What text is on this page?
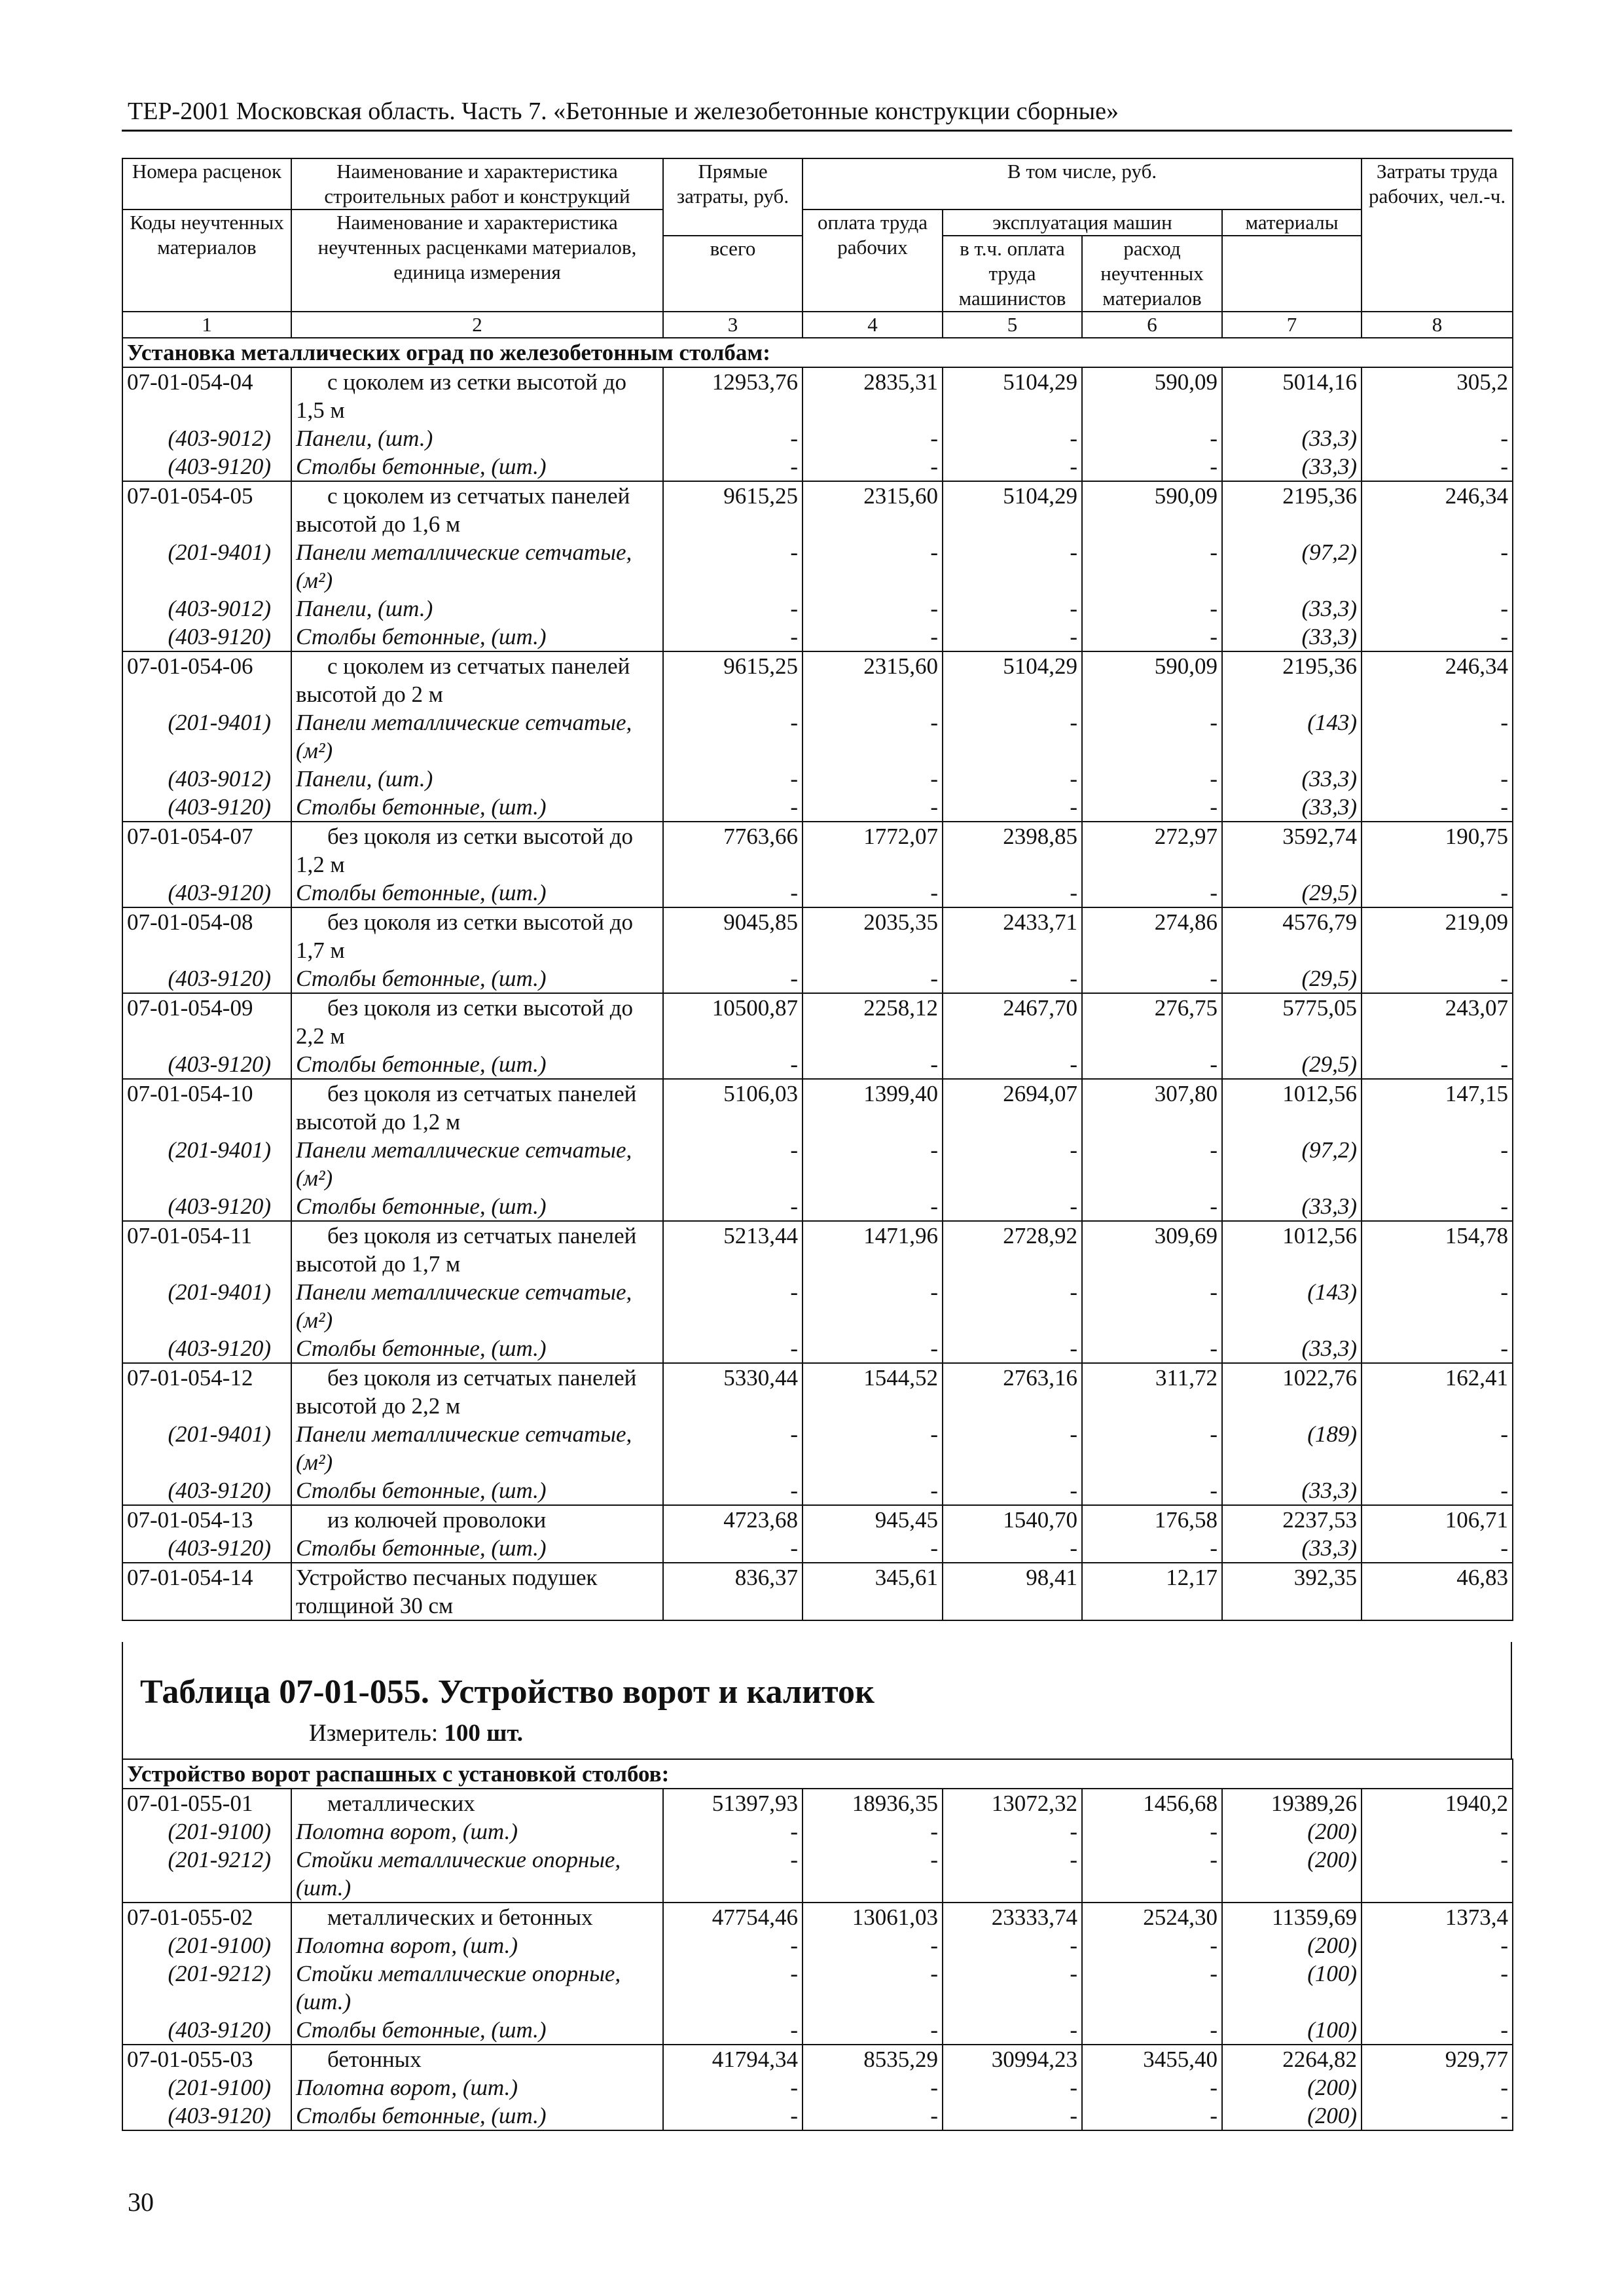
ТЕР-2001 Московская область. Часть 7. «Бетонные и железобетонные конструкции сборные»
Номера расценок	Наименование и характеристика строительных работ и конструкций	Прямые затраты, руб.	В том числе, руб.				Затраты труда рабочих, чел.-ч.
Коды неучтенных материалов	Наименование и характеристика неучтенных расценками материалов, единица измерения		оплата труда рабочих	эксплуатация машин		материалы	
		всего		в т.ч. оплата труда машинистов	расход неучтенных материалов		
1	2	3	4	5	6	7	8
Установка металлических оград по железобетонным столбам:							
07-01-054-04	с цоколем из сетки высотой до 1,5 м	12953,76	2835,31	5104,29	590,09	5014,16	305,2
(403-9012)	Панели, (шт.)	-	-	-	-	(33,3)	-
(403-9120)	Столбы бетонные, (шт.)	-	-	-	-	(33,3)	-
07-01-054-05	с цоколем из сетчатых панелей высотой до 1,6 м	9615,25	2315,60	5104,29	590,09	2195,36	246,34
(201-9401)	Панели металлические сетчатые, (м²)	-	-	-	-	(97,2)	-
(403-9012)	Панели, (шт.)	-	-	-	-	(33,3)	-
(403-9120)	Столбы бетонные, (шт.)	-	-	-	-	(33,3)	-
07-01-054-06	с цоколем из сетчатых панелей высотой до 2 м	9615,25	2315,60	5104,29	590,09	2195,36	246,34
(201-9401)	Панели металлические сетчатые, (м²)	-	-	-	-	(143)	-
(403-9012)	Панели, (шт.)	-	-	-	-	(33,3)	-
(403-9120)	Столбы бетонные, (шт.)	-	-	-	-	(33,3)	-
07-01-054-07	без цоколя из сетки высотой до 1,2 м	7763,66	1772,07	2398,85	272,97	3592,74	190,75
(403-9120)	Столбы бетонные, (шт.)	-	-	-	-	(29,5)	-
07-01-054-08	без цоколя из сетки высотой до 1,7 м	9045,85	2035,35	2433,71	274,86	4576,79	219,09
(403-9120)	Столбы бетонные, (шт.)	-	-	-	-	(29,5)	-
07-01-054-09	без цоколя из сетки высотой до 2,2 м	10500,87	2258,12	2467,70	276,75	5775,05	243,07
(403-9120)	Столбы бетонные, (шт.)	-	-	-	-	(29,5)	-
07-01-054-10	без цоколя из сетчатых панелей высотой до 1,2 м	5106,03	1399,40	2694,07	307,80	1012,56	147,15
(201-9401)	Панели металлические сетчатые, (м²)	-	-	-	-	(97,2)	-
(403-9120)	Столбы бетонные, (шт.)	-	-	-	-	(33,3)	-
07-01-054-11	без цоколя из сетчатых панелей высотой до 1,7 м	5213,44	1471,96	2728,92	309,69	1012,56	154,78
(201-9401)	Панели металлические сетчатые, (м²)	-	-	-	-	(143)	-
(403-9120)	Столбы бетонные, (шт.)	-	-	-	-	(33,3)	-
07-01-054-12	без цоколя из сетчатых панелей высотой до 2,2 м	5330,44	1544,52	2763,16	311,72	1022,76	162,41
(201-9401)	Панели металлические сетчатые, (м²)	-	-	-	-	(189)	-
(403-9120)	Столбы бетонные, (шт.)	-	-	-	-	(33,3)	-
07-01-054-13	из колючей проволоки	4723,68	945,45	1540,70	176,58	2237,53	106,71
(403-9120)	Столбы бетонные, (шт.)	-	-	-	-	(33,3)	-
07-01-054-14	Устройство песчаных подушек толщиной 30 см	836,37	345,61	98,41	12,17	392,35	46,83
Таблица 07-01-055. Устройство ворот и калиток
Измеритель: 100 шт.
Устройство ворот распашных с установкой столбов:							
07-01-055-01	металлических	51397,93	18936,35	13072,32	1456,68	19389,26	1940,2
(201-9100)	Полотна ворот, (шт.)	-	-	-	-	(200)	-
(201-9212)	Стойки металлические опорные, (шт.)	-	-	-	-	(200)	-
07-01-055-02	металлических и бетонных	47754,46	13061,03	23333,74	2524,30	11359,69	1373,4
(201-9100)	Полотна ворот, (шт.)	-	-	-	-	(200)	-
(201-9212)	Стойки металлические опорные, (шт.)	-	-	-	-	(100)	-
(403-9120)	Столбы бетонные, (шт.)	-	-	-	-	(100)	-
07-01-055-03	бетонных	41794,34	8535,29	30994,23	3455,40	2264,82	929,77
(201-9100)	Полотна ворот, (шт.)	-	-	-	-	(200)	-
(403-9120)	Столбы бетонные, (шт.)	-	-	-	-	(200)	-
30
